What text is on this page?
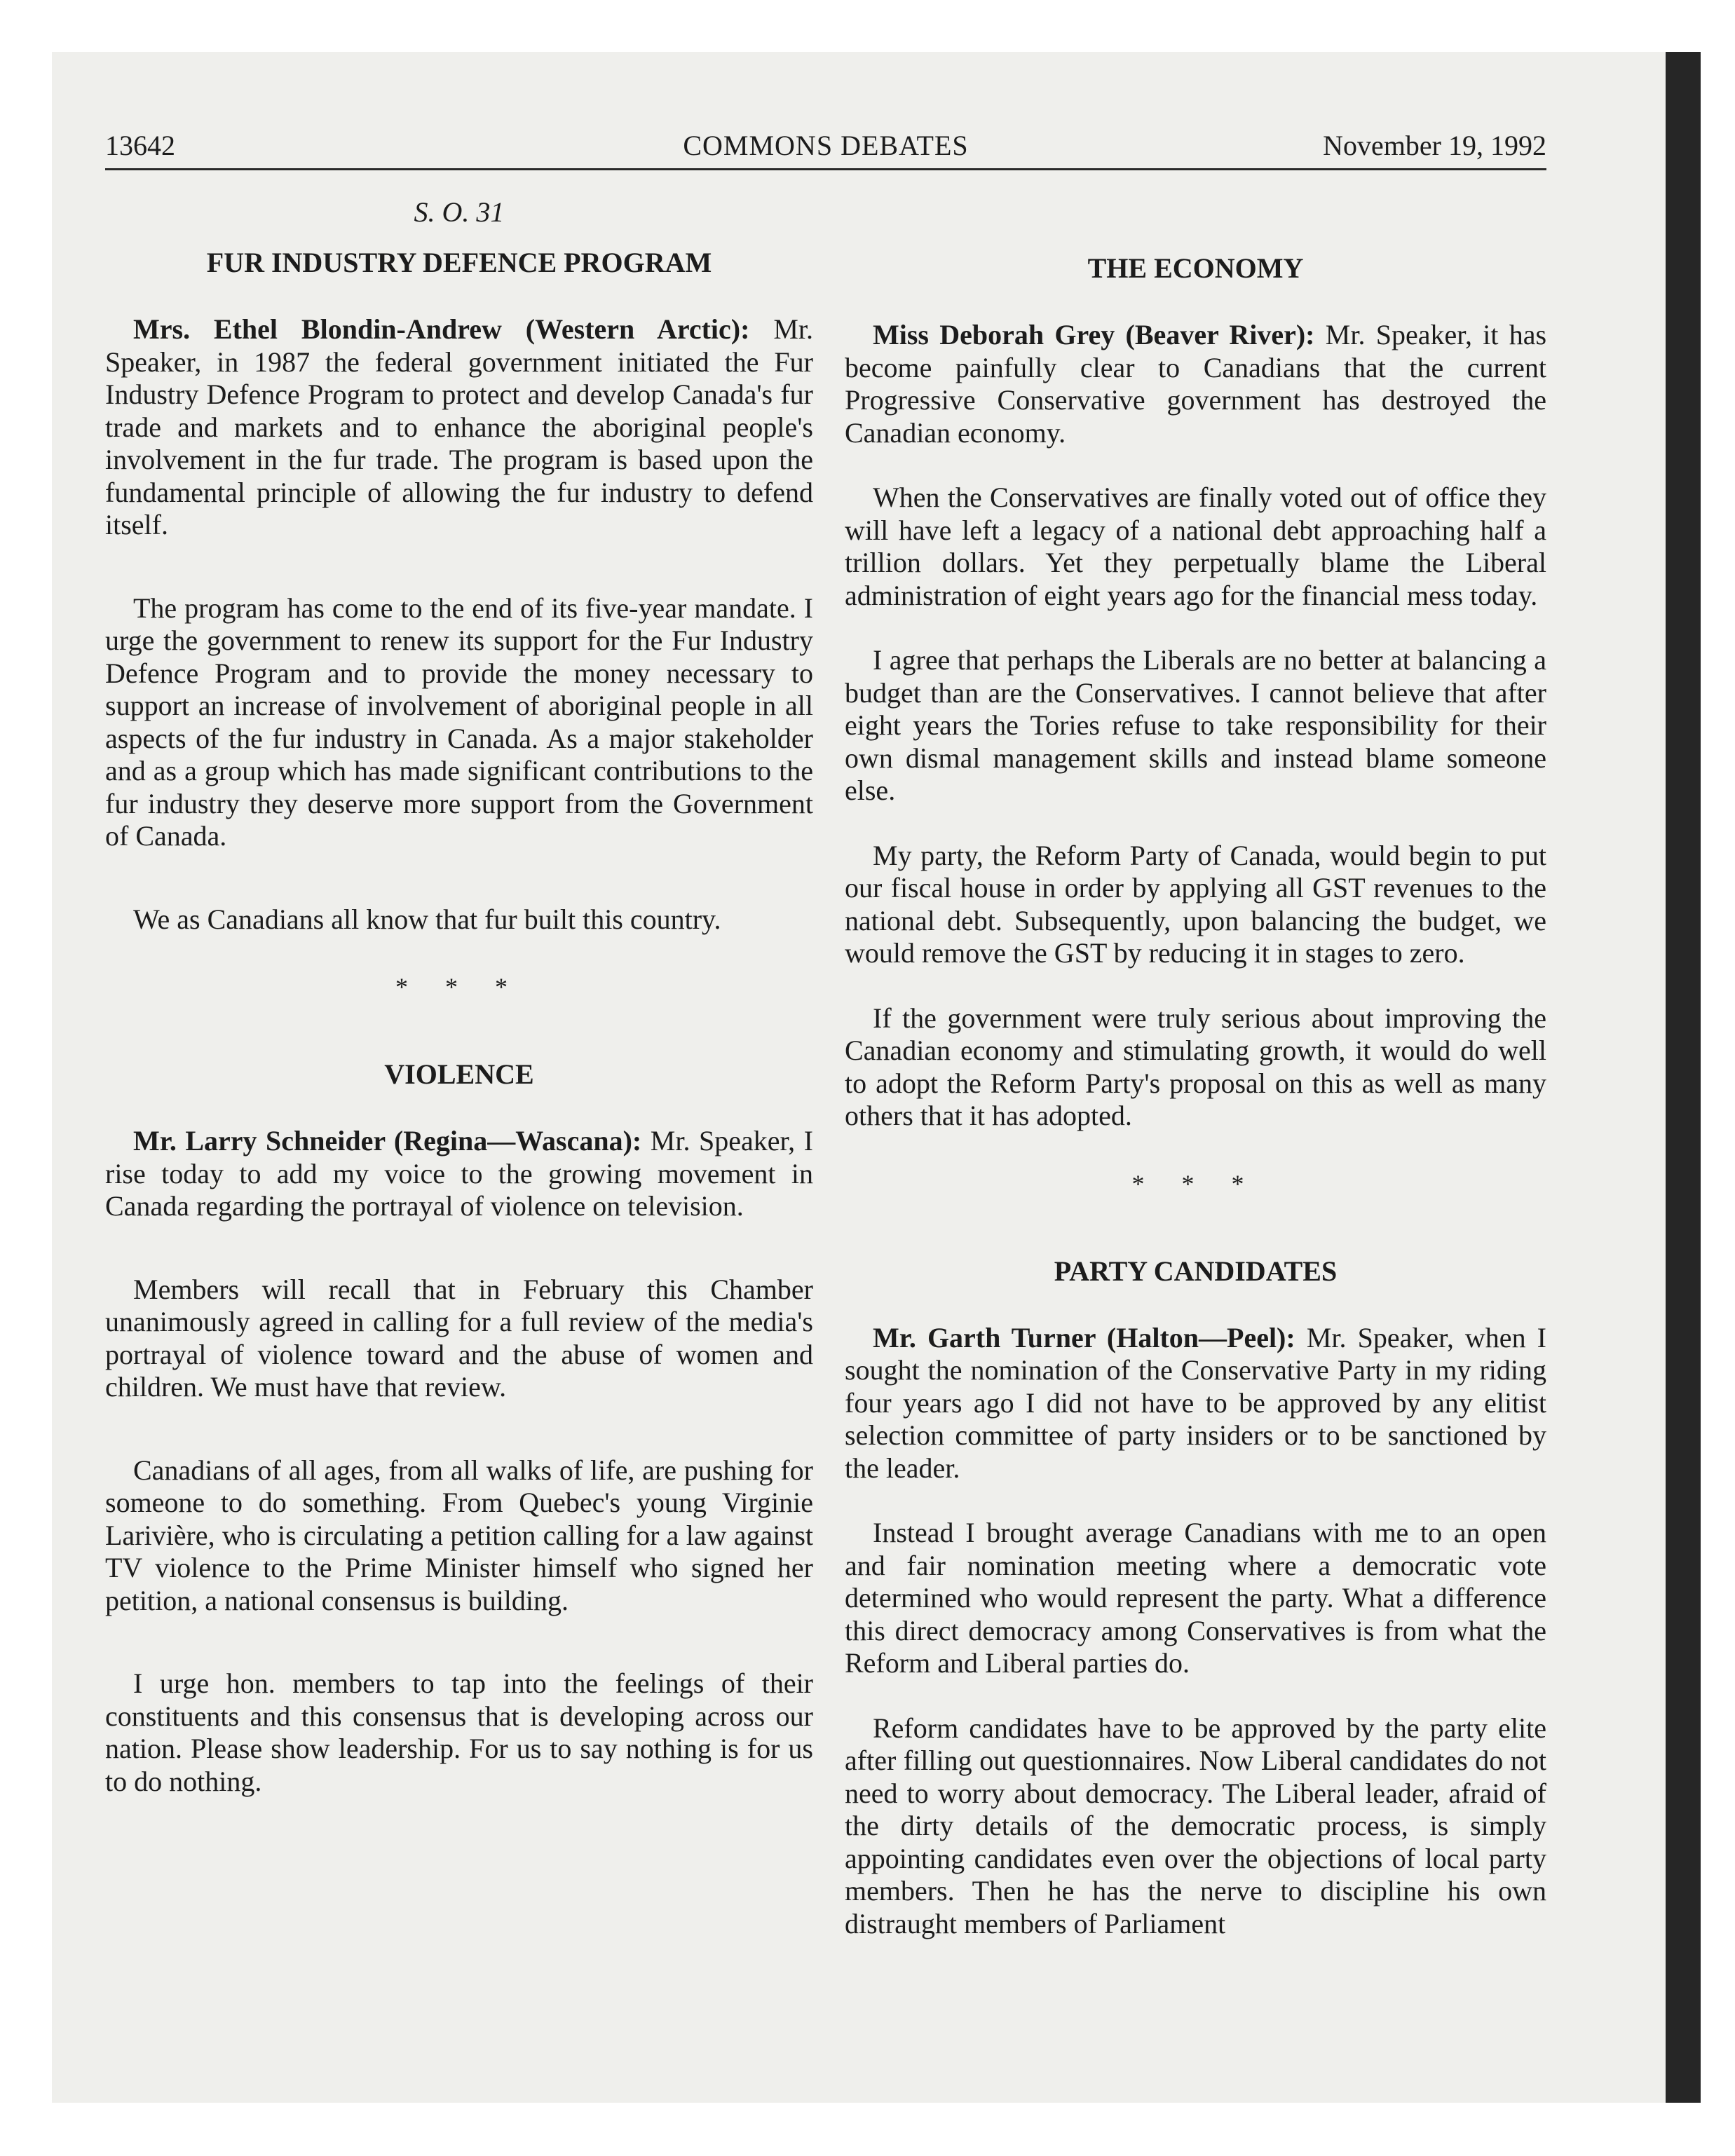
13642	COMMONS DEBATES	November 19, 1992
S. O. 31
FUR INDUSTRY DEFENCE PROGRAM

Mrs. Ethel Blondin-Andrew (Western Arctic): Mr. Speaker, in 1987 the federal government initiated the Fur Industry Defence Program to protect and develop Canada's fur trade and markets and to enhance the aboriginal people's involvement in the fur trade. The program is based upon the fundamental principle of allowing the fur industry to defend itself.

The program has come to the end of its five-year mandate. I urge the government to renew its support for the Fur Industry Defence Program and to provide the money necessary to support an increase of involvement of aboriginal people in all aspects of the fur industry in Canada. As a major stakeholder and as a group which has made significant contributions to the fur industry they deserve more support from the Government of Canada.

We as Canadians all know that fur built this country.

* * *
VIOLENCE

Mr. Larry Schneider (Regina—Wascana): Mr. Speaker, I rise today to add my voice to the growing movement in Canada regarding the portrayal of violence on television.

Members will recall that in February this Chamber unanimously agreed in calling for a full review of the media's portrayal of violence toward and the abuse of women and children. We must have that review.

Canadians of all ages, from all walks of life, are pushing for someone to do something. From Quebec's young Virginie Larivière, who is circulating a petition calling for a law against TV violence to the Prime Minister himself who signed her petition, a national consensus is building.

I urge hon. members to tap into the feelings of their constituents and this consensus that is developing across our nation. Please show leadership. For us to say nothing is for us to do nothing.

THE ECONOMY

Miss Deborah Grey (Beaver River): Mr. Speaker, it has become painfully clear to Canadians that the current Progressive Conservative government has destroyed the Canadian economy.

When the Conservatives are finally voted out of office they will have left a legacy of a national debt approaching half a trillion dollars. Yet they perpetually blame the Liberal administration of eight years ago for the financial mess today.

I agree that perhaps the Liberals are no better at balancing a budget than are the Conservatives. I cannot believe that after eight years the Tories refuse to take responsibility for their own dismal management skills and instead blame someone else.

My party, the Reform Party of Canada, would begin to put our fiscal house in order by applying all GST revenues to the national debt. Subsequently, upon balancing the budget, we would remove the GST by reducing it in stages to zero.

If the government were truly serious about improving the Canadian economy and stimulating growth, it would do well to adopt the Reform Party's proposal on this as well as many others that it has adopted.

* * *
PARTY CANDIDATES

Mr. Garth Turner (Halton—Peel): Mr. Speaker, when I sought the nomination of the Conservative Party in my riding four years ago I did not have to be approved by any elitist selection committee of party insiders or to be sanctioned by the leader.

Instead I brought average Canadians with me to an open and fair nomination meeting where a democratic vote determined who would represent the party. What a difference this direct democracy among Conservatives is from what the Reform and Liberal parties do.

Reform candidates have to be approved by the party elite after filling out questionnaires. Now Liberal candidates do not need to worry about democracy. The Liberal leader, afraid of the dirty details of the democratic process, is simply appointing candidates even over the objections of local party members. Then he has the nerve to discipline his own distraught members of Parliament
